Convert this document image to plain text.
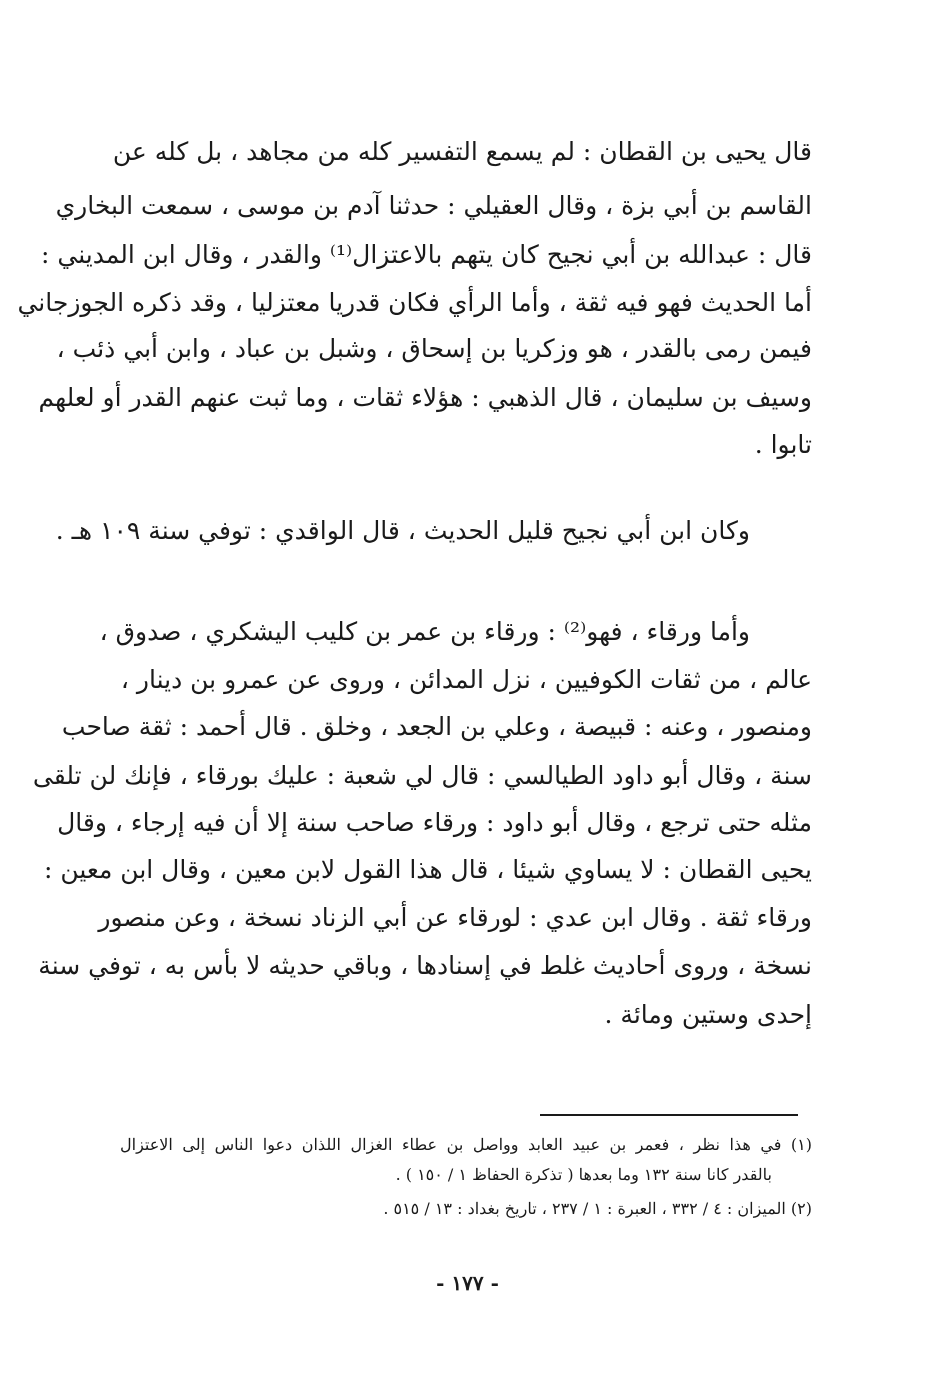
قال يحيى بن القطان : لم يسمع التفسير كله من مجاهد ، بل كله عن
القاسم بن أبي بزة ، وقال العقيلي : حدثنا آدم بن موسى ، سمعت البخاري
قال : عبدالله بن أبي نجيح كان يتهم بالاعتزال⁽¹⁾ والقدر ، وقال ابن المديني :
أما الحديث فهو فيه ثقة ، وأما الرأي فكان قدريا معتزليا ، وقد ذكره الجوزجاني
فيمن رمى بالقدر ، هو وزكريا بن إسحاق ، وشبل بن عباد ، وابن أبي ذئب ،
وسيف بن سليمان ، قال الذهبي : هؤلاء ثقات ، وما ثبت عنهم القدر أو لعلهم
تابوا .
وكان ابن أبي نجيح قليل الحديث ، قال الواقدي : توفي سنة ١٠٩ هـ .
وأما ورقاء ، فهو⁽²⁾ : ورقاء بن عمر بن كليب اليشكري ، صدوق ،
عالم ، من ثقات الكوفيين ، نزل المدائن ، وروى عن عمرو بن دينار ،
ومنصور ، وعنه : قبيصة ، وعلي بن الجعد ، وخلق . قال أحمد : ثقة صاحب
سنة ، وقال أبو داود الطيالسي : قال لي شعبة : عليك بورقاء ، فإنك لن تلقى
مثله حتى ترجع ، وقال أبو داود : ورقاء صاحب سنة إلا أن فيه إرجاء ، وقال
يحيى القطان : لا يساوي شيئا ، قال هذا القول لابن معين ، وقال ابن معين :
ورقاء ثقة . وقال ابن عدي : لورقاء عن أبي الزناد نسخة ، وعن منصور
نسخة ، وروى أحاديث غلط في إسنادها ، وباقي حديثه لا بأس به ، توفي سنة
إحدى وستين ومائة .
(١) في هذا نظر ، فعمر بن عبيد العابد وواصل بن عطاء الغزال اللذان دعوا الناس إلى الاعتزال
بالقدر كانا سنة ١٣٢ وما بعدها ( تذكرة الحفاظ ١ / ١٥٠ ) .
(٢) الميزان : ٤ / ٣٣٢ ، العبرة : ١ / ٢٣٧ ، تاريخ بغداد : ١٣ / ٥١٥ .
- ١٧٧ -
